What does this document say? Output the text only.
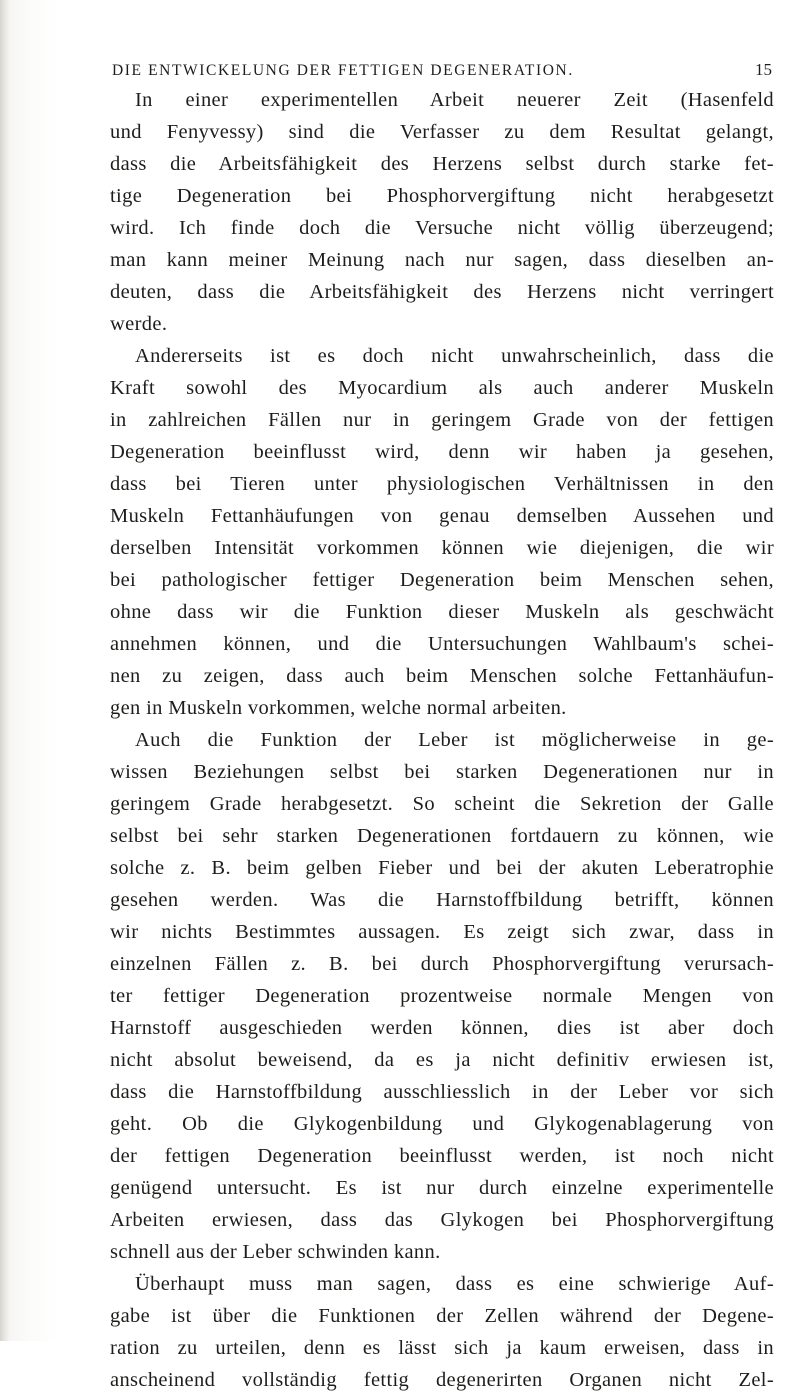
DIE ENTWICKELUNG DER FETTIGEN DEGENERATION.	15
In einer experimentellen Arbeit neuerer Zeit (Hasenfeld
und Fenyvessy) sind die Verfasser zu dem Resultat gelangt,
dass die Arbeitsfähigkeit des Herzens selbst durch starke fet-
tige Degeneration bei Phosphorvergiftung nicht herabgesetzt
wird. Ich finde doch die Versuche nicht völlig überzeugend;
man kann meiner Meinung nach nur sagen, dass dieselben an-
deuten, dass die Arbeitsfähigkeit des Herzens nicht verringert
werde.
Andererseits ist es doch nicht unwahrscheinlich, dass die
Kraft sowohl des Myocardium als auch anderer Muskeln
in zahlreichen Fällen nur in geringem Grade von der fettigen
Degeneration beeinflusst wird, denn wir haben ja gesehen,
dass bei Tieren unter physiologischen Verhältnissen in den
Muskeln Fettanhäufungen von genau demselben Aussehen und
derselben Intensität vorkommen können wie diejenigen, die wir
bei pathologischer fettiger Degeneration beim Menschen sehen,
ohne dass wir die Funktion dieser Muskeln als geschwächt
annehmen können, und die Untersuchungen Wahlbaum's schei-
nen zu zeigen, dass auch beim Menschen solche Fettanhäufun-
gen in Muskeln vorkommen, welche normal arbeiten.
Auch die Funktion der Leber ist möglicherweise in ge-
wissen Beziehungen selbst bei starken Degenerationen nur in
geringem Grade herabgesetzt. So scheint die Sekretion der Galle
selbst bei sehr starken Degenerationen fortdauern zu können, wie
solche z. B. beim gelben Fieber und bei der akuten Leberatrophie
gesehen werden. Was die Harnstoffbildung betrifft, können
wir nichts Bestimmtes aussagen. Es zeigt sich zwar, dass in
einzelnen Fällen z. B. bei durch Phosphorvergiftung verursach-
ter fettiger Degeneration prozentweise normale Mengen von
Harnstoff ausgeschieden werden können, dies ist aber doch
nicht absolut beweisend, da es ja nicht definitiv erwiesen ist,
dass die Harnstoffbildung ausschliesslich in der Leber vor sich
geht. Ob die Glykogenbildung und Glykogenablagerung von
der fettigen Degeneration beeinflusst werden, ist noch nicht
genügend untersucht. Es ist nur durch einzelne experimentelle
Arbeiten erwiesen, dass das Glykogen bei Phosphorvergiftung
schnell aus der Leber schwinden kann.
Überhaupt muss man sagen, dass es eine schwierige Auf-
gabe ist über die Funktionen der Zellen während der Degene-
ration zu urteilen, denn es lässt sich ja kaum erweisen, dass in
anscheinend vollständig fettig degenerirten Organen nicht Zel-
